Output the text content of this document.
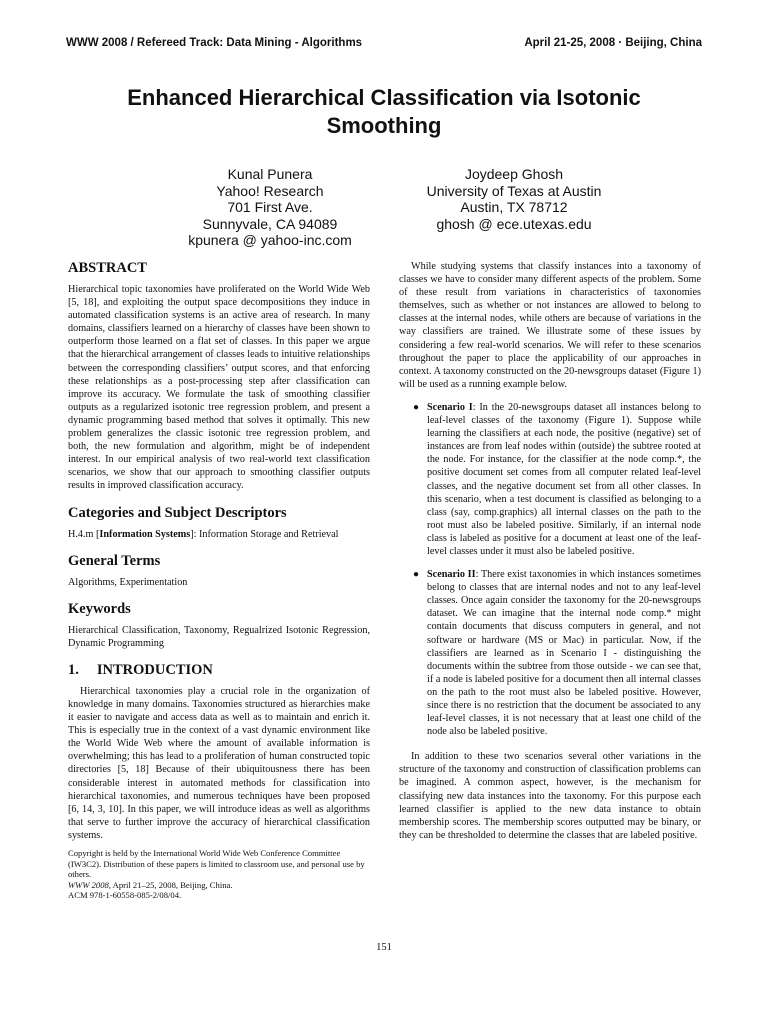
WWW 2008 / Refereed Track: Data Mining - Algorithms	April 21-25, 2008 · Beijing, China
Enhanced Hierarchical Classification via Isotonic Smoothing
Kunal Punera
Yahoo! Research
701 First Ave.
Sunnyvale, CA 94089
kpunera @ yahoo-inc.com
Joydeep Ghosh
University of Texas at Austin
Austin, TX 78712
ghosh @ ece.utexas.edu
ABSTRACT

Hierarchical topic taxonomies have proliferated on the World Wide Web [5, 18], and exploiting the output space decompositions they induce in automated classification systems is an active area of research. In many domains, classifiers learned on a hierarchy of classes have been shown to outperform those learned on a flat set of classes. In this paper we argue that the hierarchical arrangement of classes leads to intuitive relationships between the corresponding classifiers’ output scores, and that enforcing these relationships as a post-processing step after classification can improve its accuracy. We formulate the task of smoothing classifier outputs as a regularized isotonic tree regression problem, and present a dynamic programming based method that solves it optimally. This new problem generalizes the classic isotonic tree regression problem, and both, the new formulation and algorithm, might be of independent interest. In our empirical analysis of two real-world text classification scenarios, we show that our approach to smoothing classifier outputs results in improved classification accuracy.

Categories and Subject Descriptors

H.4.m [Information Systems]: Information Storage and Retrieval

General Terms

Algorithms, Experimentation

Keywords

Hierarchical Classification, Taxonomy, Regualrized Isotonic Regression, Dynamic Programming

1. INTRODUCTION

Hierarchical taxonomies play a crucial role in the organization of knowledge in many domains. Taxonomies structured as hierarchies make it easier to navigate and access data as well as to maintain and enrich it. This is especially true in the context of a vast dynamic environment like the World Wide Web where the amount of available information is overwhelming; this has lead to a proliferation of human constructed topic directories [5, 18] Because of their ubiquitousness there has been considerable interest in automated methods for classification into hierarchical taxonomies, and numerous techniques have been proposed [6, 14, 3, 10]. In this paper, we will introduce ideas as well as algorithms that serve to further improve the accuracy of hierarchical classification systems.

Copyright is held by the International World Wide Web Conference Committee (IW3C2). Distribution of these papers is limited to classroom use, and personal use by others.

WWW 2008, April 21–25, 2008, Beijing, China.

ACM 978-1-60558-085-2/08/04.

While studying systems that classify instances into a taxonomy of classes we have to consider many different aspects of the problem. Some of these result from variations in characteristics of taxonomies themselves, such as whether or not instances are allowed to belong to classes at the internal nodes, while others are because of variations in the way classifiers are trained. We illustrate some of these issues by considering a few real-world scenarios. We will refer to these scenarios throughout the paper to place the applicability of our approaches in context. A taxonomy constructed on the 20-newsgroups dataset (Figure 1) will be used as a running example below.

● Scenario I: In the 20-newsgroups dataset all instances belong to leaf-level classes of the taxonomy (Figure 1). Suppose while learning the classifiers at each node, the positive (negative) set of instances are from leaf nodes within (outside) the subtree rooted at the node. For instance, for the classifier at the node comp.*, the positive document set comes from all computer related leaf-level classes, and the negative document set from all other classes. In this scenario, when a test document is classified as belonging to a class (say, comp.graphics) all internal classes on the path to the root must also be labeled positive. Similarly, if an internal node class is labeled as positive for a document at least one of the leaf-level classes under it must also be labeled positive.
● Scenario II: There exist taxonomies in which instances sometimes belong to classes that are internal nodes and not to any leaf-level classes. Once again consider the taxonomy for the 20-newsgroups dataset. We can imagine that the internal node comp.* might contain documents that discuss computers in general, and not software or hardware (MS or Mac) in particular. Now, if the classifiers are learned as in Scenario I - distinguishing the documents within the subtree from those outside - we can see that, if a node is labeled positive for a document then all internal classes on the path to the root must also be labeled positive. However, since there is no restriction that the document be associated to any leaf-level classes, it is not necessary that at least one child of the node also be labeled positive.

In addition to these two scenarios several other variations in the structure of the taxonomy and construction of classification problems can be imagined. A common aspect, however, is the mechanism for classifying new data instances into the taxonomy. For this purpose each learned classifier is applied to the new data instance to obtain membership scores. The membership scores outputted may be binary, or they can be thresholded to determine the classes that are labeled positive.

151
